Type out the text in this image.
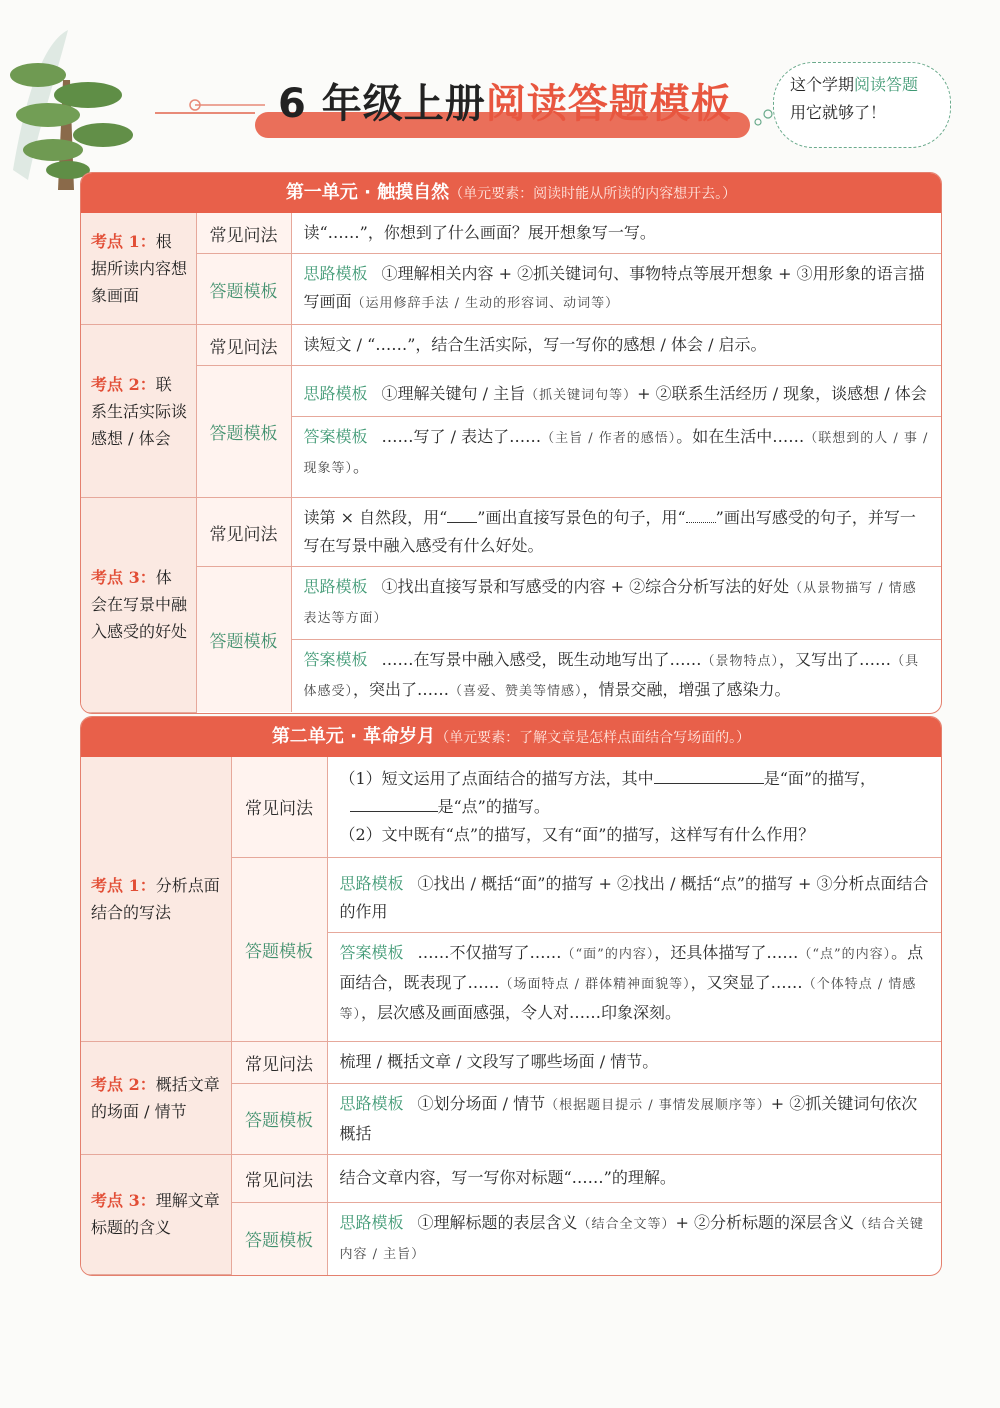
6 年级上册阅读答题模板	这个学期阅读答题
用它就够了！
第一单元 · 触摸自然（单元要素：阅读时能从所读的内容想开去。）
考点 1：根据所读内容想象画面	常见问法	读“……”，你想到了什么画面？展开想象写一写。
	答题模板	思路模板 ①理解相关内容 + ②抓关键词句、事物特点等展开想象 + ③用形象的语言描写画面（运用修辞手法 / 生动的形容词、动词等）
考点 2：联系生活实际谈感想 / 体会	常见问法	读短文 / “……”，结合生活实际，写一写你的感想 / 体会 / 启示。
	答题模板	思路模板 ①理解关键句 / 主旨（抓关键词句等）+ ②联系生活经历 / 现象，谈感想 / 体会
答案模板 ……写了 / 表达了……（主旨 / 作者的感悟）。如在生活中……（联想到的人 / 事 / 现象等）。

考点 3：体会在写景中融入感受的好处	常见问法	读第 × 自然段，用“ ”画出直接写景色的句子，用“ ”画出写感受的句子，并写一写在写景中融入感受有什么好处。
	答题模板	思路模板 ①找出直接写景和写感受的内容 + ②综合分析写法的好处（从景物描写 / 情感表达等方面）
答案模板 ……在写景中融入感受，既生动地写出了……（景物特点），又写出了……（具体感受），突出了……（喜爱、赞美等情感），情景交融，增强了感染力。
第二单元 · 革命岁月（单元要素：了解文章是怎样点面结合写场面的。）
考点 1：分析点面结合的写法	常见问法	（1）短文运用了点面结合的描写方法，其中 是“面”的描写，
是“点”的描写。
（2）文中既有“点”的描写，又有“面”的描写，这样写有什么作用？

	答题模板	思路模板 ①找出 / 概括“面”的描写 + ②找出 / 概括“点”的描写 + ③分析点面结合的作用
答案模板 ……不仅描写了……（“面”的内容），还具体描写了……（“点”的内容）。点面结合，既表现了……（场面特点 / 群体精神面貌等），又突显了……（个体特点 / 情感等），层次感及画面感强，令人对……印象深刻。

考点 2：概括文章的场面 / 情节	常见问法	梳理 / 概括文章 / 文段写了哪些场面 / 情节。
	答题模板	思路模板 ①划分场面 / 情节（根据题目提示 / 事情发展顺序等）+ ②抓关键词句依次概括
考点 3：理解文章标题的含义	常见问法	结合文章内容，写一写你对标题“……”的理解。
	答题模板	思路模板 ①理解标题的表层含义（结合全文等）+ ②分析标题的深层含义（结合关键内容 / 主旨）
